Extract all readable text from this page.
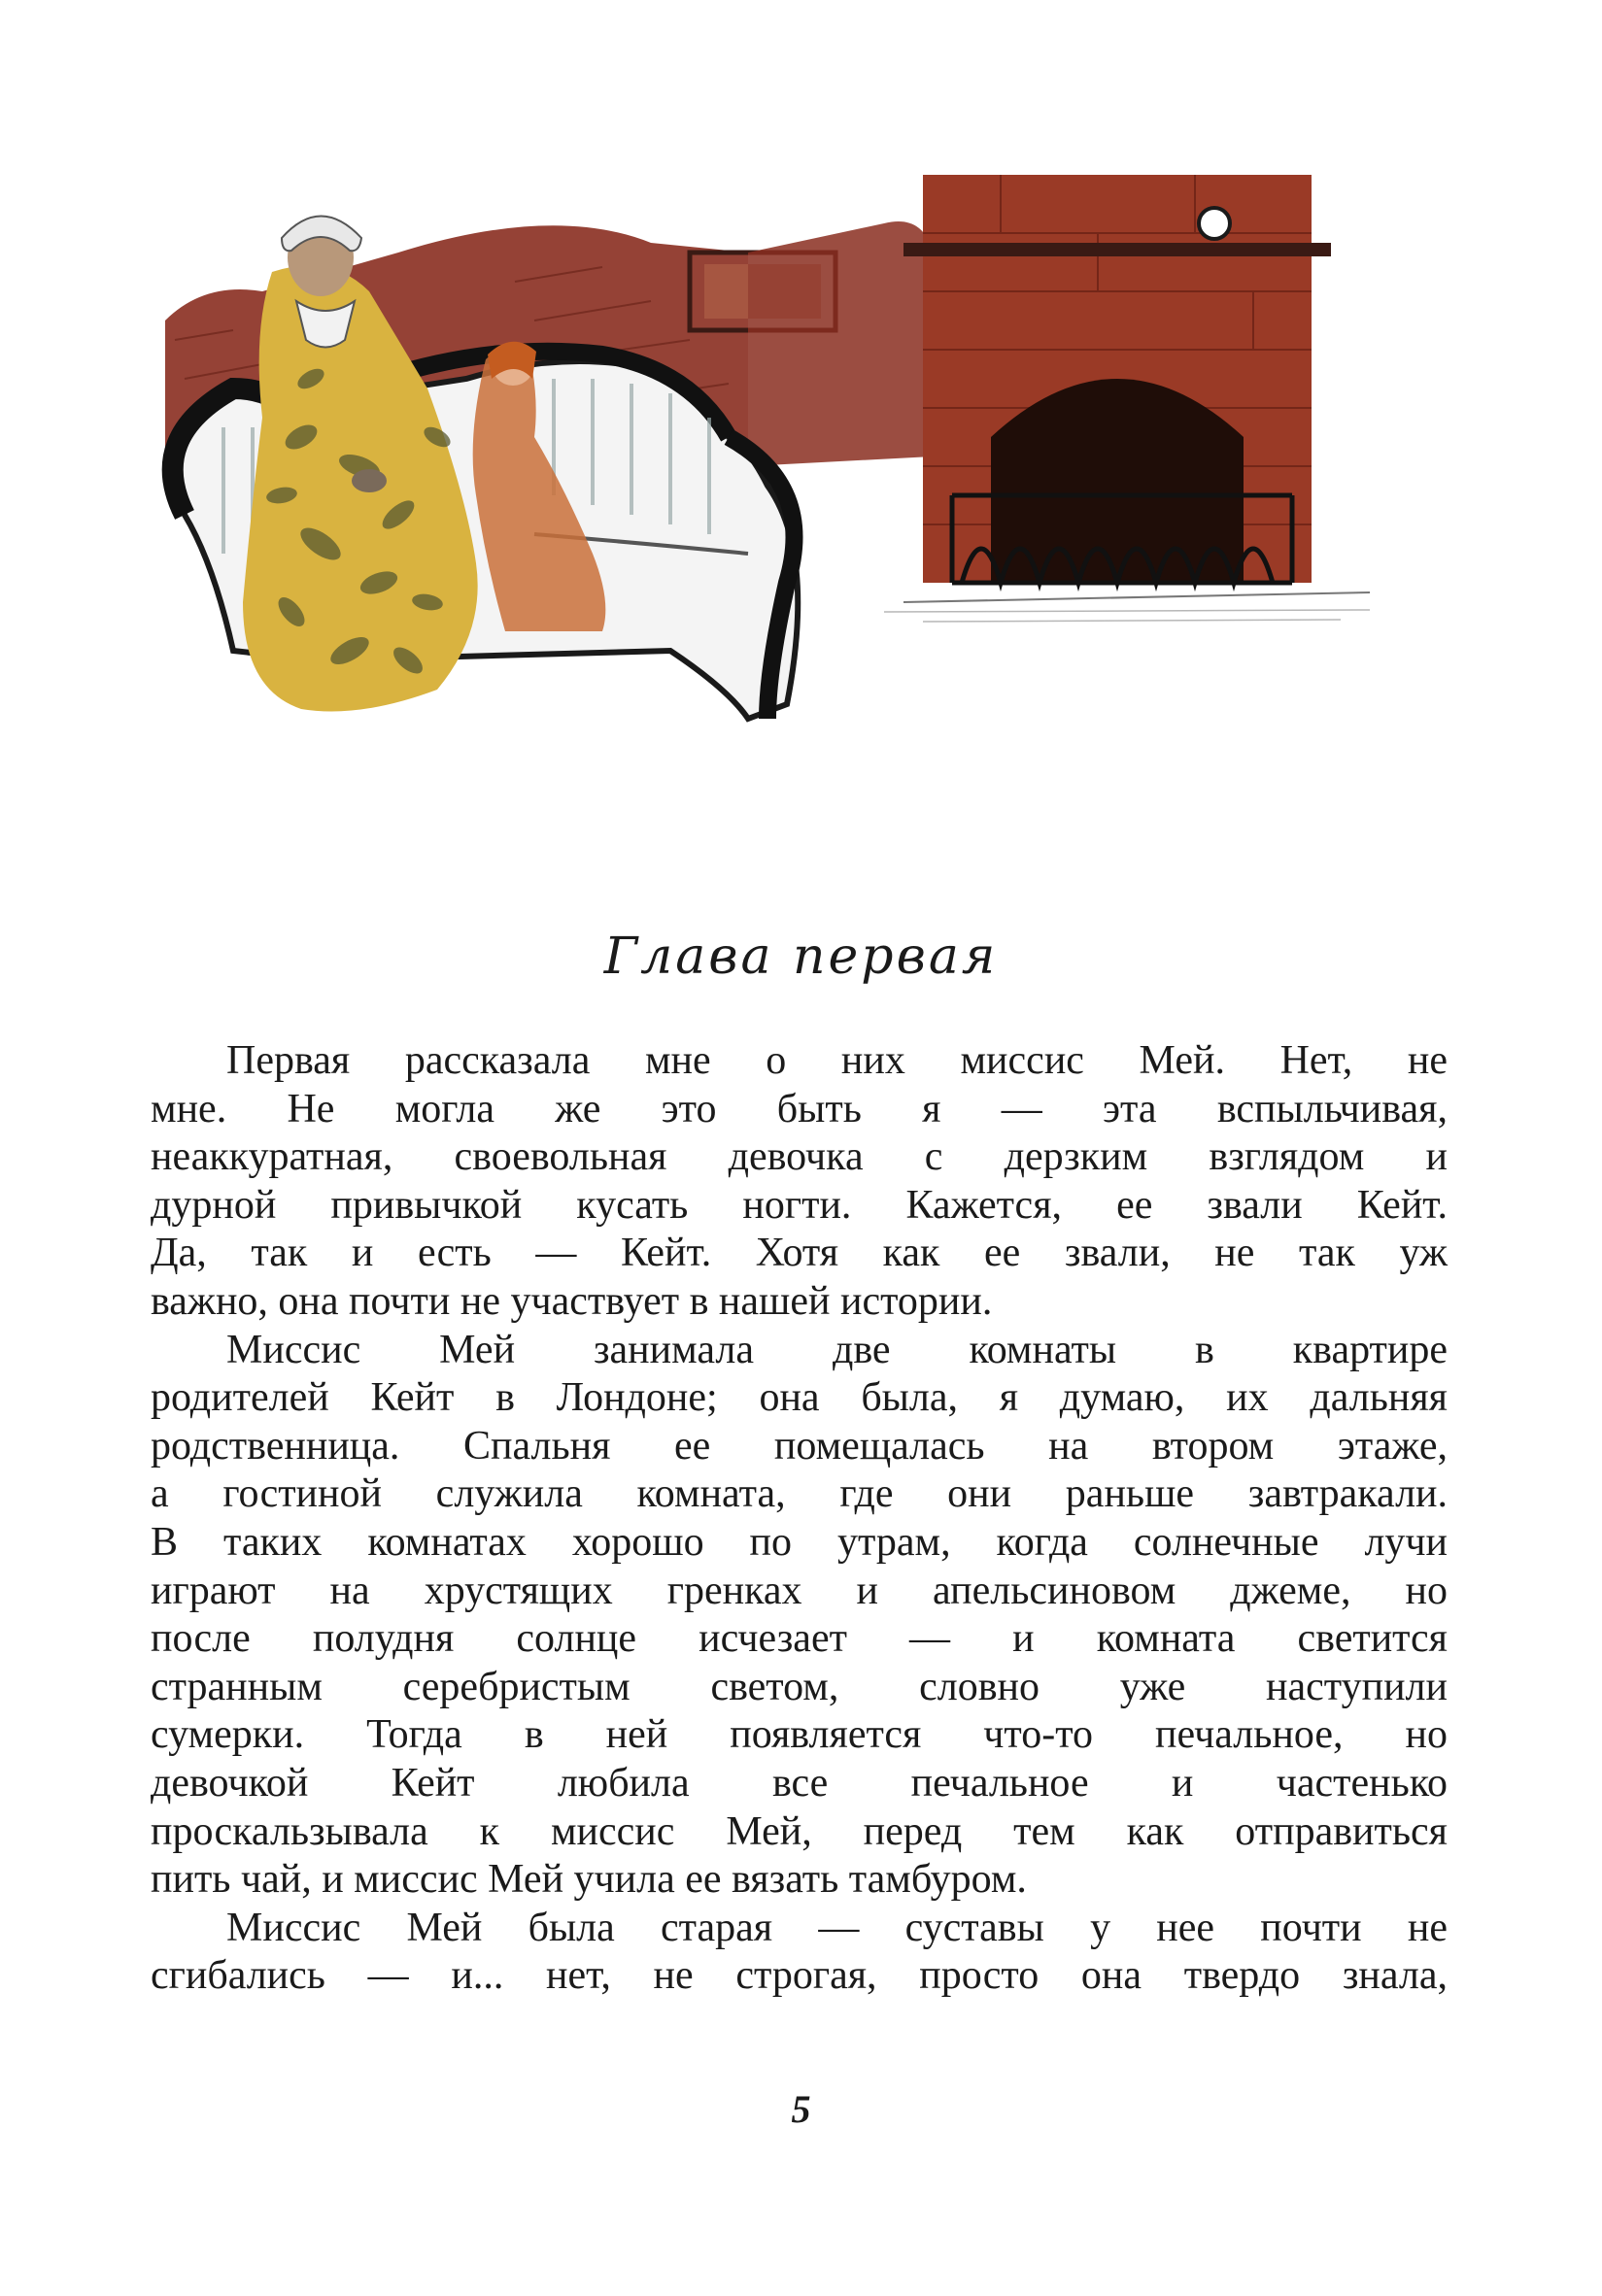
Глава первая
Первая рассказала мне о них миссис Мей. Нет, не
мне. Не могла же это быть я — эта вспыльчивая,
неаккуратная, своевольная девочка с дерзким взглядом и
дурной привычкой кусать ногти. Кажется, ее звали Кейт.
Да, так и есть — Кейт. Хотя как ее звали, не так уж
важно, она почти не участвует в нашей истории.
Миссис Мей занимала две комнаты в квартире
родителей Кейт в Лондоне; она была, я думаю, их дальняя
родственница. Спальня ее помещалась на втором этаже,
а гостиной служила комната, где они раньше завтракали.
В таких комнатах хорошо по утрам, когда солнечные лучи
играют на хрустящих гренках и апельсиновом джеме, но
после полудня солнце исчезает — и комната светится
странным серебристым светом, словно уже наступили
сумерки. Тогда в ней появляется что-то печальное, но
девочкой Кейт любила все печальное и частенько
проскальзывала к миссис Мей, перед тем как отправиться
пить чай, и миссис Мей учила ее вязать тамбуром.
Миссис Мей была старая — суставы у нее почти не
сгибались — и... нет, не строгая, просто она твердо знала,
5
